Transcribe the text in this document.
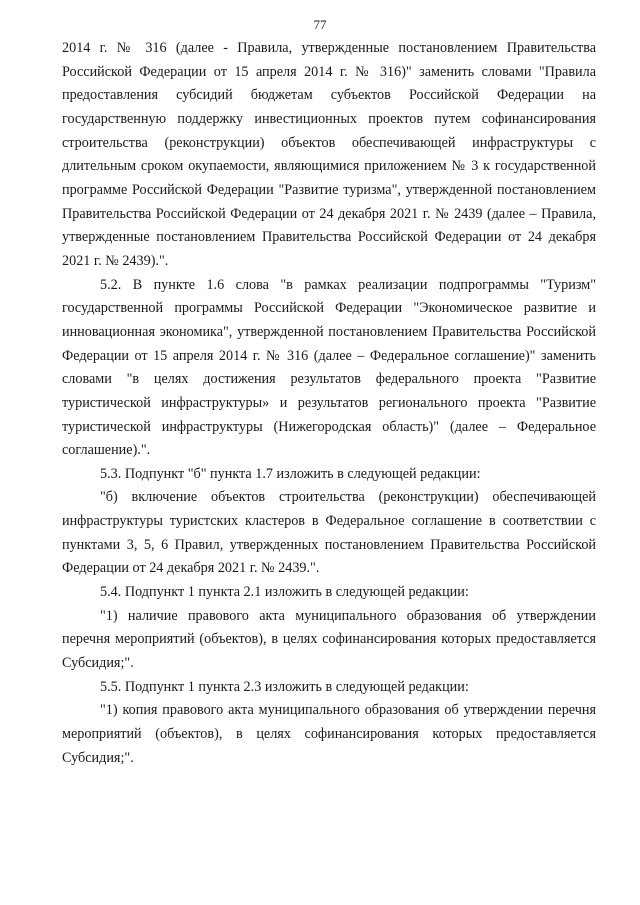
77

2014 г. № 316 (далее - Правила, утвержденные постановлением Правительства Российской Федерации от 15 апреля 2014 г. № 316)" заменить словами "Правила предоставления субсидий бюджетам субъектов Российской Федерации на государственную поддержку инвестиционных проектов путем софинансирования строительства (реконструкции) объектов обеспечивающей инфраструктуры с длительным сроком окупаемости, являющимися приложением № 3 к государственной программе Российской Федерации "Развитие туризма", утвержденной постановлением Правительства Российской Федерации от 24 декабря 2021 г. № 2439 (далее – Правила, утвержденные постановлением Правительства Российской Федерации от 24 декабря 2021 г. № 2439).".

5.2. В пункте 1.6 слова "в рамках реализации подпрограммы "Туризм" государственной программы Российской Федерации "Экономическое развитие и инновационная экономика", утвержденной постановлением Правительства Российской Федерации от 15 апреля 2014 г. № 316 (далее – Федеральное соглашение)" заменить словами "в целях достижения результатов федерального проекта "Развитие туристической инфраструктуры» и результатов регионального проекта "Развитие туристической инфраструктуры (Нижегородская область)" (далее – Федеральное соглашение).".

5.3. Подпункт "б" пункта 1.7 изложить в следующей редакции:

"б) включение объектов строительства (реконструкции) обеспечивающей инфраструктуры туристских кластеров в Федеральное соглашение в соответствии с пунктами 3, 5, 6 Правил, утвержденных постановлением Правительства Российской Федерации от 24 декабря 2021 г. № 2439.".

5.4. Подпункт 1 пункта 2.1 изложить в следующей редакции:

"1) наличие правового акта муниципального образования об утверждении перечня мероприятий (объектов), в целях софинансирования которых предоставляется Субсидия;".

5.5. Подпункт 1 пункта 2.3 изложить в следующей редакции:

"1) копия правового акта муниципального образования об утверждении перечня мероприятий (объектов), в целях софинансирования которых предоставляется Субсидия;".
